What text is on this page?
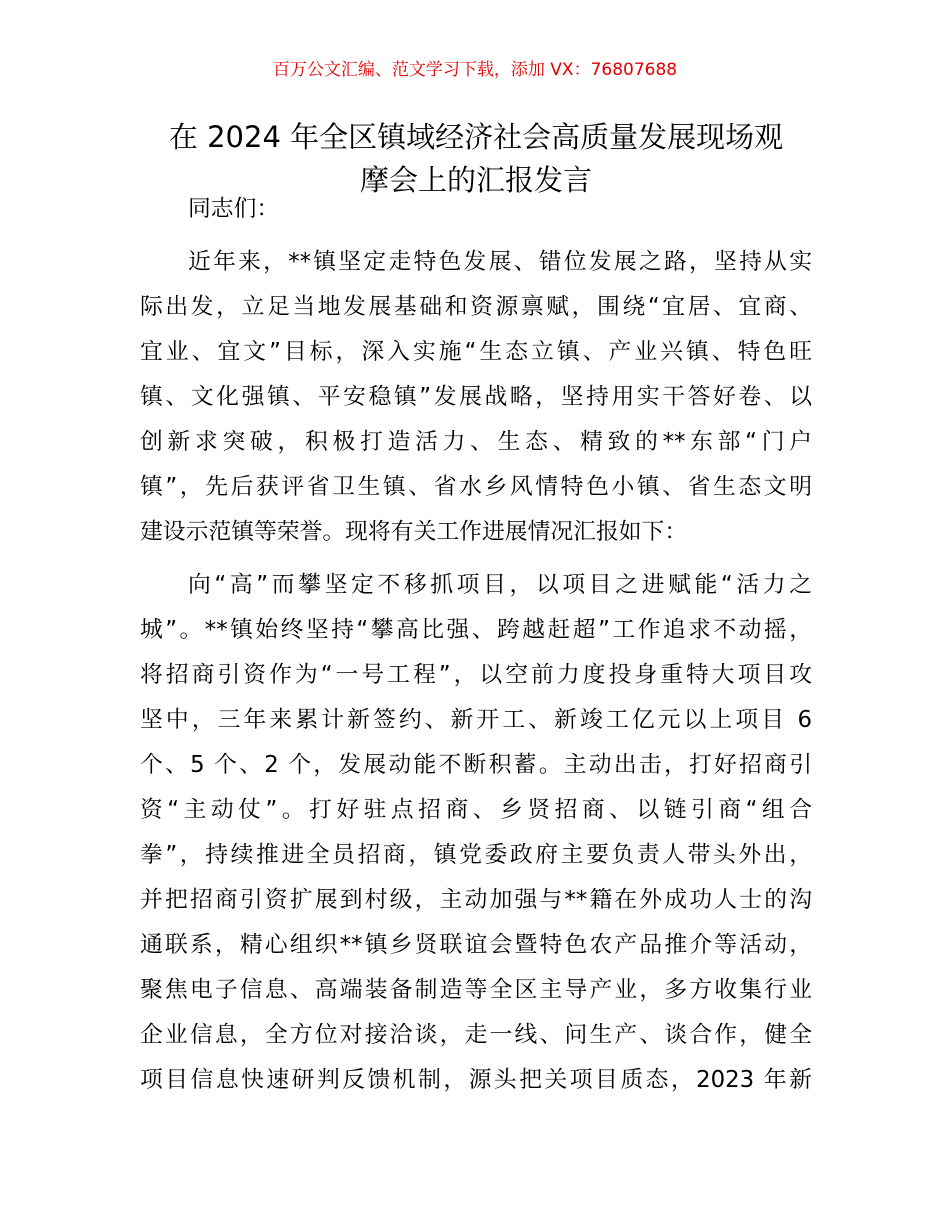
百万公文汇编、范文学习下载，添加 VX：76807688
在 2024 年全区镇域经济社会高质量发展现场观
摩会上的汇报发言
同志们：
近年来，**镇坚定走特色发展、错位发展之路，坚持从实
际出发，立足当地发展基础和资源禀赋，围绕“宜居、宜商、
宜业、宜文”目标，深入实施“生态立镇、产业兴镇、特色旺
镇、文化强镇、平安稳镇”发展战略，坚持用实干答好卷、以
创新求突破，积极打造活力、生态、精致的**东部“门户
镇”，先后获评省卫生镇、省水乡风情特色小镇、省生态文明
建设示范镇等荣誉。现将有关工作进展情况汇报如下：
向“高”而攀坚定不移抓项目，以项目之进赋能“活力之
城”。**镇始终坚持“攀高比强、跨越赶超”工作追求不动摇，
将招商引资作为“一号工程”，以空前力度投身重特大项目攻
坚中，三年来累计新签约、新开工、新竣工亿元以上项目 6
个、5 个、2 个，发展动能不断积蓄。主动出击，打好招商引
资“主动仗”。打好驻点招商、乡贤招商、以链引商“组合
拳”，持续推进全员招商，镇党委政府主要负责人带头外出，
并把招商引资扩展到村级，主动加强与**籍在外成功人士的沟
通联系，精心组织**镇乡贤联谊会暨特色农产品推介等活动，
聚焦电子信息、高端装备制造等全区主导产业，多方收集行业
企业信息，全方位对接洽谈，走一线、问生产、谈合作，健全
项目信息快速研判反馈机制，源头把关项目质态，2023 年新
